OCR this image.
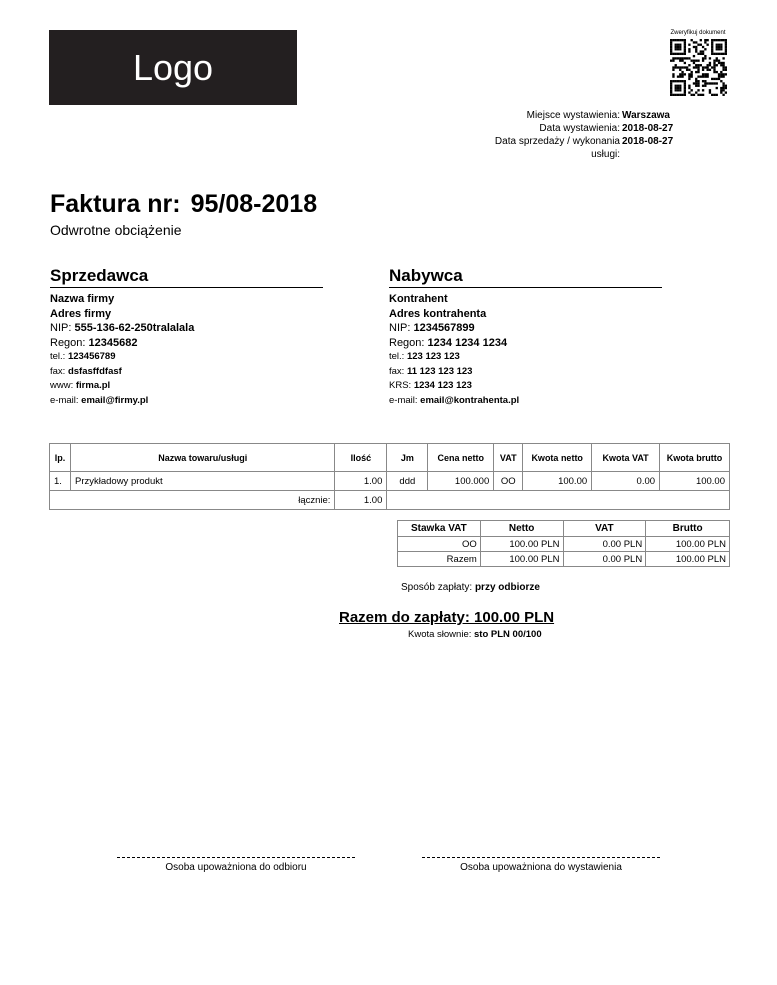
Logo
Zweryfikuj dokument
Miejsce wystawienia: Warszawa
Data wystawienia: 2018-08-27
Data sprzedaży / wykonania 2018-08-27
usługi:
Faktura nr: 95/08-2018
Odwrotne obciążenie
Sprzedawca
Nazwa firmy
Adres firmy
NIP: 555-136-62-250tralalala
Regon: 12345682
tel.: 123456789
fax: dsfasffdfasf
www: firma.pl
e-mail: email@firmy.pl
Nabywca
Kontrahent
Adres kontrahenta
NIP: 1234567899
Regon: 1234 1234 1234
tel.: 123 123 123
fax: 11 123 123 123
KRS: 1234 123 123
e-mail: email@kontrahenta.pl
lp.	Nazwa towaru/usługi	Ilość	Jm	Cena netto	VAT	Kwota netto	Kwota VAT	Kwota brutto
1.	Przykładowy produkt	1.00	ddd	100.000	OO	100.00	0.00	100.00
łącznie:		1.00						
Stawka VAT	Netto	VAT	Brutto
OO	100.00 PLN	0.00 PLN	100.00 PLN
Razem	100.00 PLN	0.00 PLN	100.00 PLN
Sposób zapłaty: przy odbiorze
Razem do zapłaty: 100.00 PLN
Kwota słownie: sto PLN 00/100
Osoba upoważniona do odbioru	Osoba upoważniona do wystawienia
